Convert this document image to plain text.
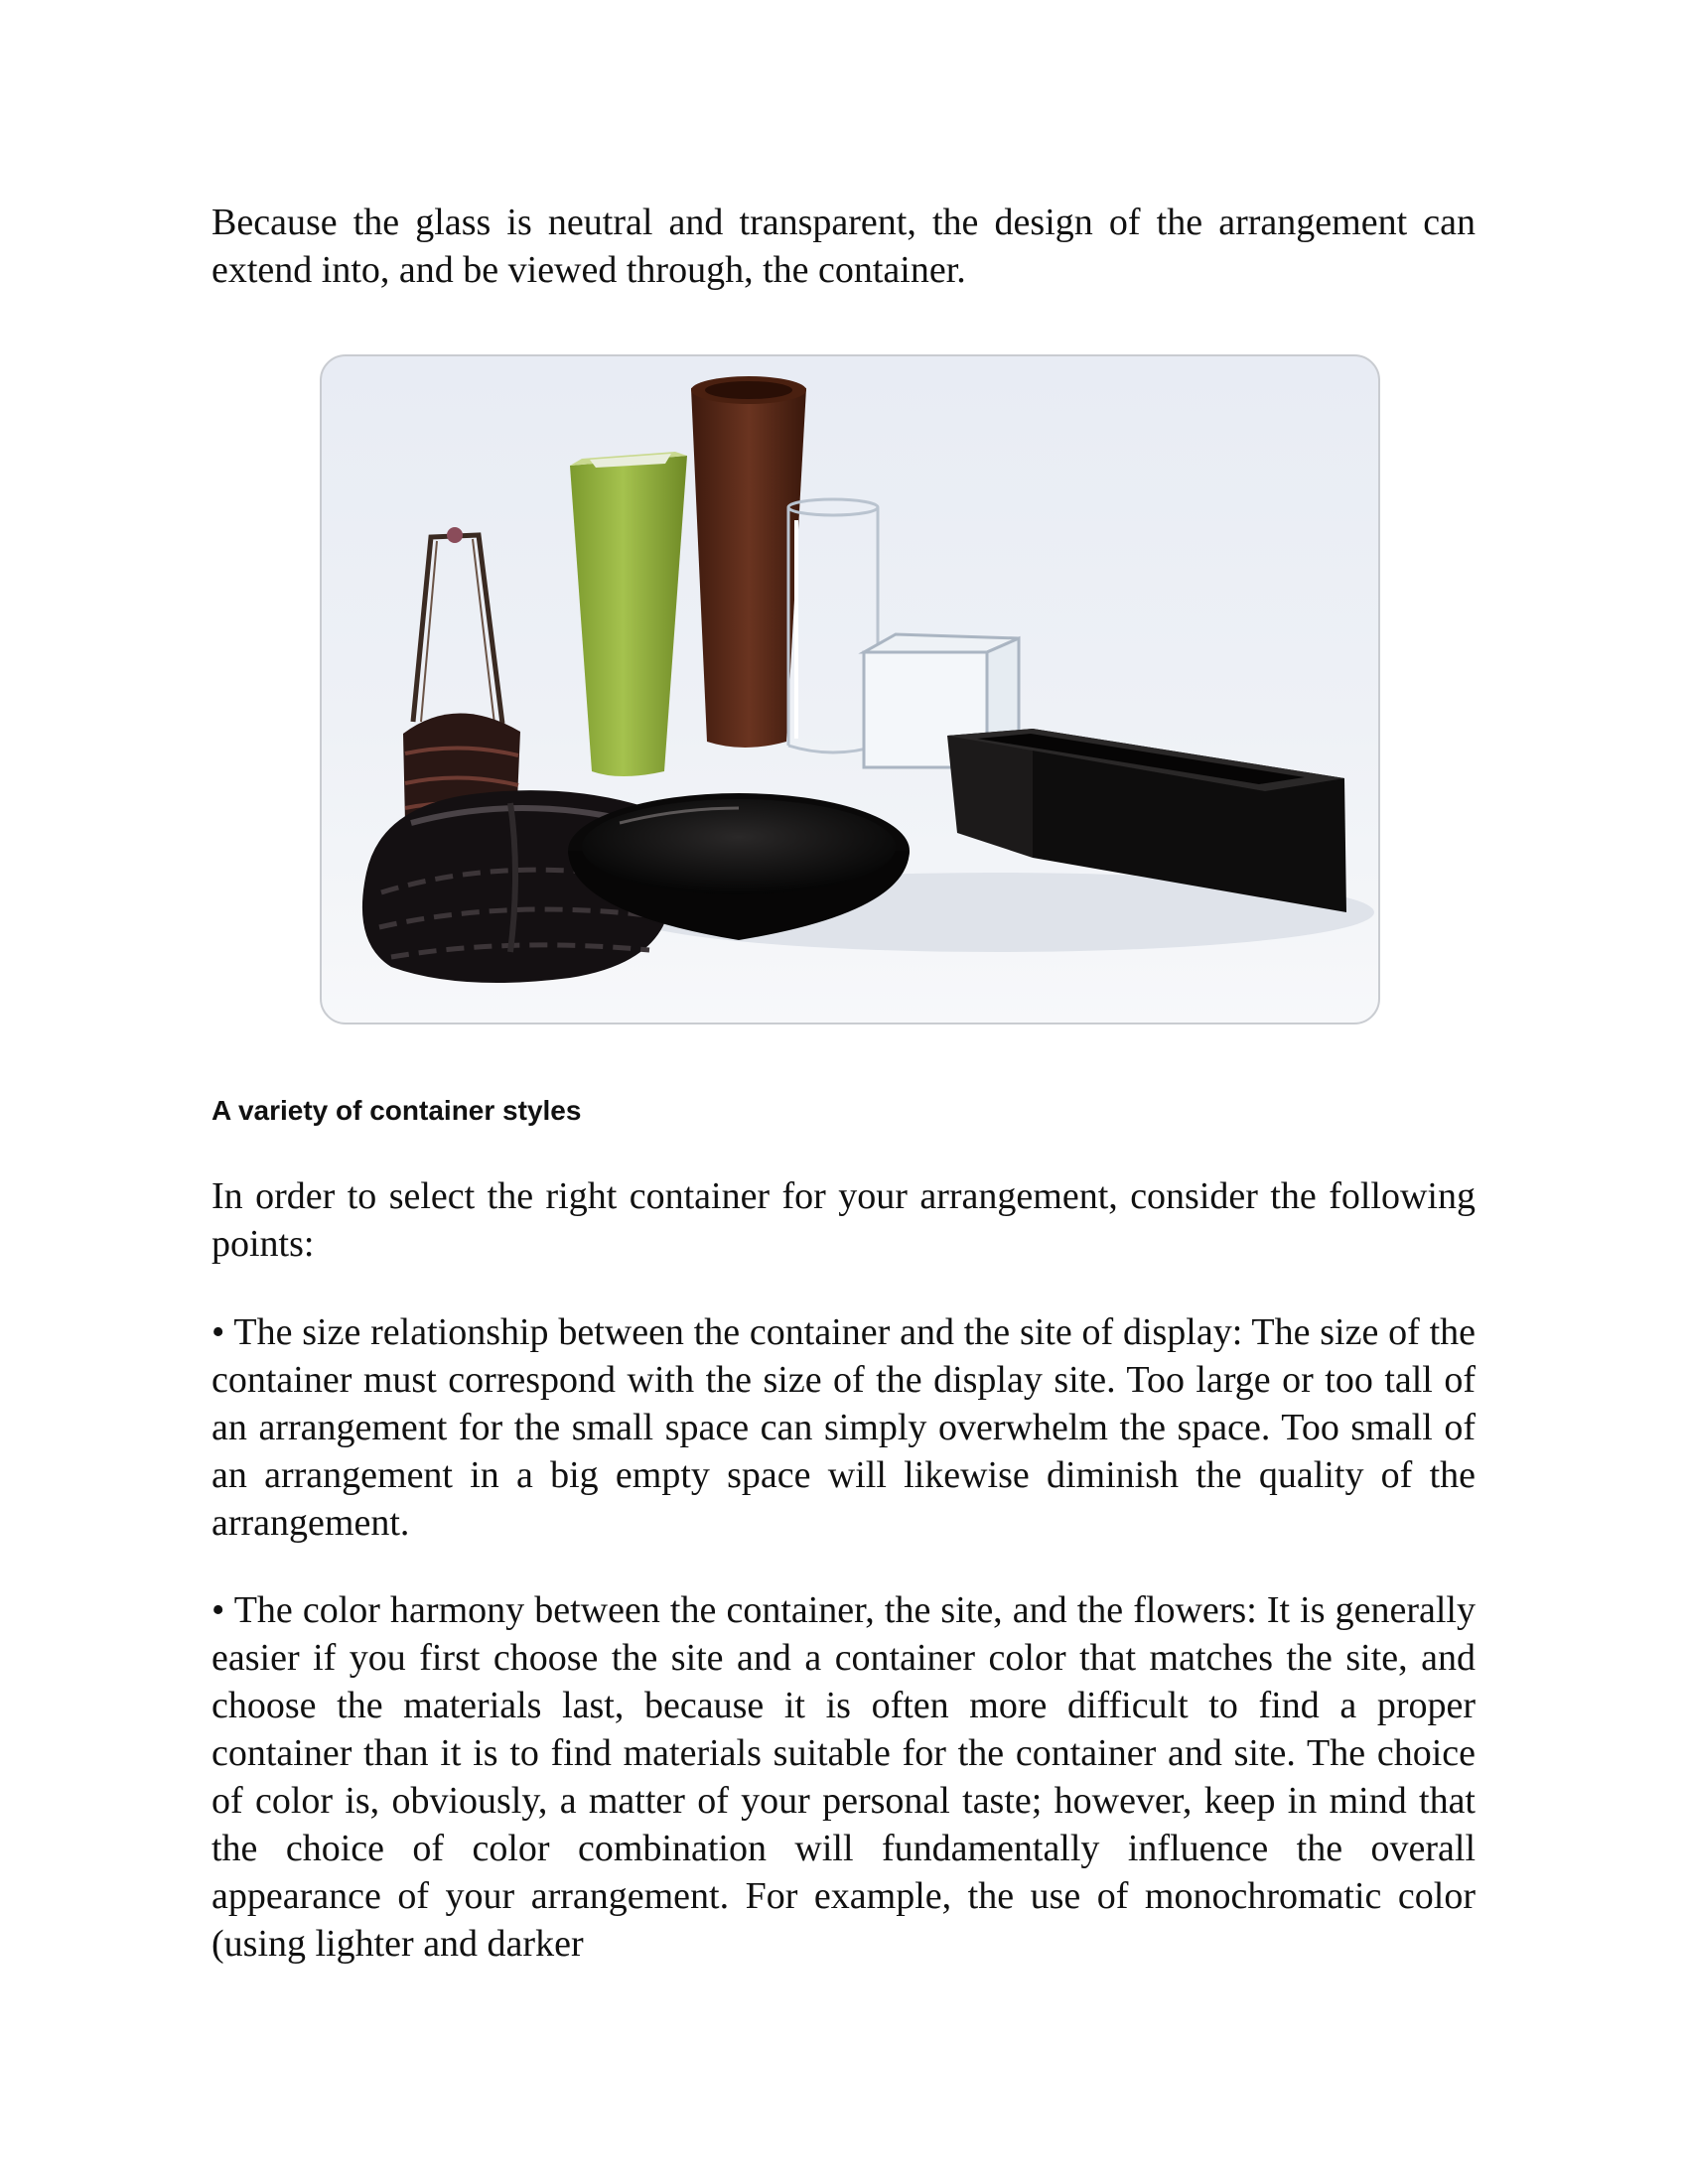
Because the glass is neutral and transparent, the design of the arrangement can extend into, and be viewed through, the container.

A variety of container styles

In order to select the right container for your arrangement, consider the following points:

• The size relationship between the container and the site of display: The size of the container must correspond with the size of the display site. Too large or too tall of an arrangement for the small space can simply overwhelm the space. Too small of an arrangement in a big empty space will likewise diminish the quality of the arrangement.

• The color harmony between the container, the site, and the flowers: It is generally easier if you first choose the site and a container color that matches the site, and choose the materials last, because it is often more difficult to find a proper container than it is to find materials suitable for the container and site. The choice of color is, obviously, a matter of your personal taste; however, keep in mind that the choice of color combination will fundamentally influence the overall appearance of your arrangement. For example, the use of monochromatic color (using lighter and darker
